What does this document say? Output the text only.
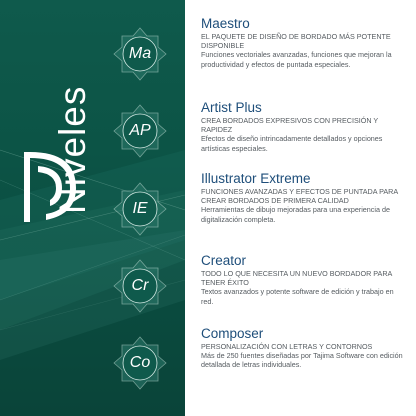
Niveles
Ma
AP
IE
Cr
Co
Maestro

EL PAQUETE DE DISEÑO DE BORDADO MÁS POTENTE DISPONIBLE

Funciones vectoriales avanzadas, funciones que mejoran la productividad y efectos de puntada especiales.

Artist Plus

CREA BORDADOS EXPRESIVOS CON PRECISIÓN Y RAPIDEZ

Efectos de diseño intrincadamente detallados y opciones artísticas especiales.

Illustrator Extreme

FUNCIONES AVANZADAS Y EFECTOS DE PUNTADA PARA CREAR BORDADOS DE PRIMERA CALIDAD

Herramientas de dibujo mejoradas para una experiencia de digitalización completa.

Creator

TODO LO QUE NECESITA UN NUEVO BORDADOR PARA TENER ÉXITO

Textos avanzados y potente software de edición y trabajo en red.

Composer

PERSONALIZACIÓN CON LETRAS Y CONTORNOS

Más de 250 fuentes diseñadas por Tajima Software con edición detallada de letras individuales.
